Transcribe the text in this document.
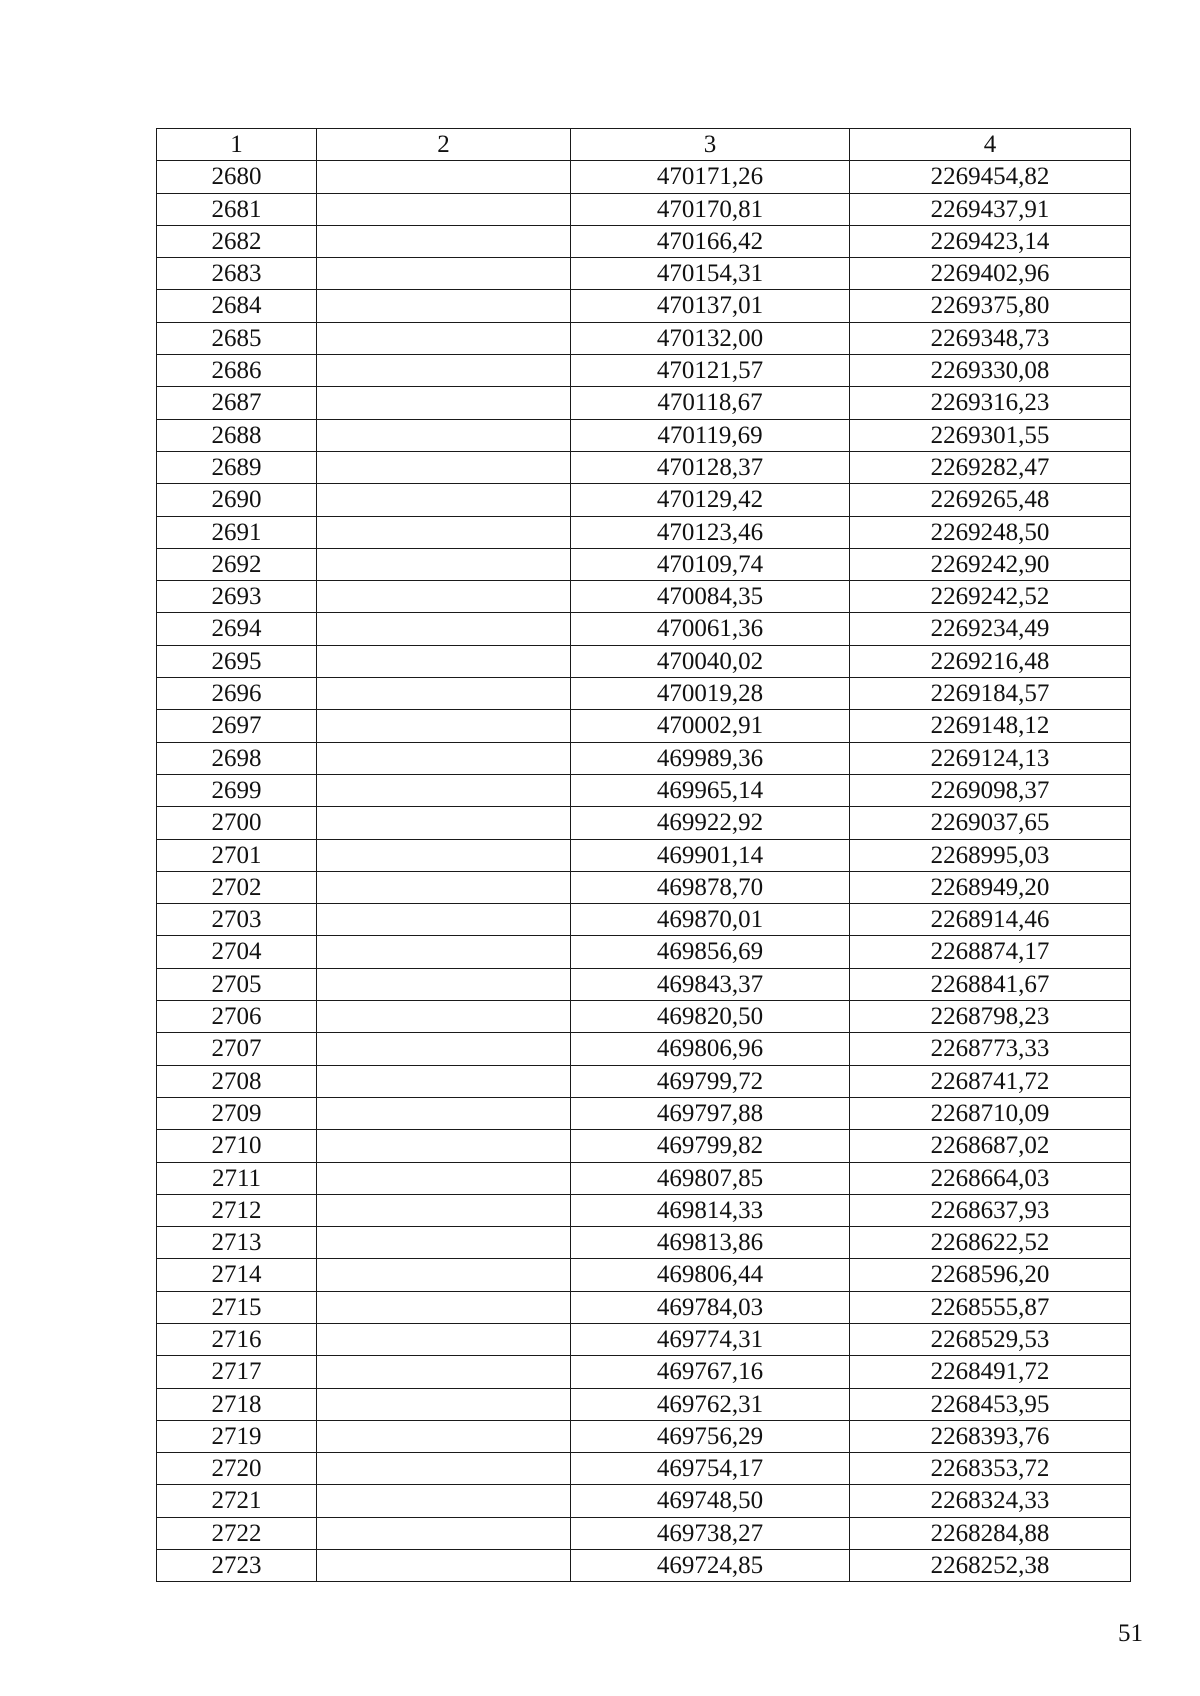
1	2	3	4
2680		470171,26	2269454,82
2681		470170,81	2269437,91
2682		470166,42	2269423,14
2683		470154,31	2269402,96
2684		470137,01	2269375,80
2685		470132,00	2269348,73
2686		470121,57	2269330,08
2687		470118,67	2269316,23
2688		470119,69	2269301,55
2689		470128,37	2269282,47
2690		470129,42	2269265,48
2691		470123,46	2269248,50
2692		470109,74	2269242,90
2693		470084,35	2269242,52
2694		470061,36	2269234,49
2695		470040,02	2269216,48
2696		470019,28	2269184,57
2697		470002,91	2269148,12
2698		469989,36	2269124,13
2699		469965,14	2269098,37
2700		469922,92	2269037,65
2701		469901,14	2268995,03
2702		469878,70	2268949,20
2703		469870,01	2268914,46
2704		469856,69	2268874,17
2705		469843,37	2268841,67
2706		469820,50	2268798,23
2707		469806,96	2268773,33
2708		469799,72	2268741,72
2709		469797,88	2268710,09
2710		469799,82	2268687,02
2711		469807,85	2268664,03
2712		469814,33	2268637,93
2713		469813,86	2268622,52
2714		469806,44	2268596,20
2715		469784,03	2268555,87
2716		469774,31	2268529,53
2717		469767,16	2268491,72
2718		469762,31	2268453,95
2719		469756,29	2268393,76
2720		469754,17	2268353,72
2721		469748,50	2268324,33
2722		469738,27	2268284,88
2723		469724,85	2268252,38
51
